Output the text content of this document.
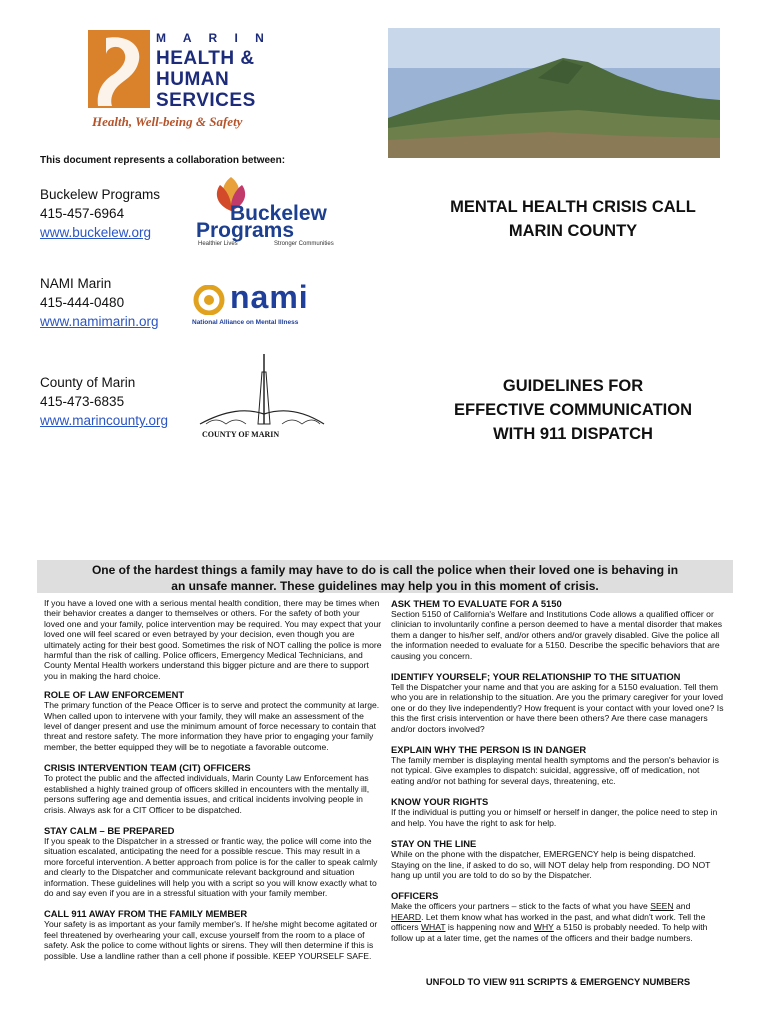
M A R I N
HEALTH &
HUMAN
SERVICES
Health, Well-being & Safety
This document represents a collaboration between:
Buckelew Programs
415-457-6964
www.buckelew.org
Buckelew
Programs
Healthier Lives	Stronger Communities
MENTAL HEALTH CRISIS CALL
MARIN COUNTY
NAMI Marin
415-444-0480
www.namimarin.org
nami
National Alliance on Mental Illness
County of Marin
415-473-6835
www.marincounty.org
COUNTY OF MARIN
GUIDELINES FOR
EFFECTIVE COMMUNICATION
WITH 911 DISPATCH
One of the hardest things a family may have to do is call the police when their loved one is behaving in
an unsafe manner. These guidelines may help you in this moment of crisis.

If you have a loved one with a serious mental health condition, there may be times when their behavior creates a danger to themselves or others. For the safety of both your loved one and your family, police intervention may be required. You may expect that your loved one will feel scared or even betrayed by your decision, even though you are ultimately acting for their best good. Sometimes the risk of NOT calling the police is more harmful than the risk of calling. Police officers, Emergency Medical Technicians, and County Mental Health workers understand this bigger picture and are there to support you in making the hard choice.

ROLE OF LAW ENFORCEMENT

The primary function of the Peace Officer is to serve and protect the community at large. When called upon to intervene with your family, they will make an assessment of the level of danger present and use the minimum amount of force necessary to contain that threat and restore safety. The more information they have prior to engaging your family member, the better equipped they will be to negotiate a favorable outcome.

CRISIS INTERVENTION TEAM (CIT) OFFICERS

To protect the public and the affected individuals, Marin County Law Enforcement has established a highly trained group of officers skilled in encounters with the mentally ill, persons suffering age and dementia issues, and critical incidents involving people in crisis. Always ask for a CIT Officer to be dispatched.

STAY CALM – BE PREPARED

If you speak to the Dispatcher in a stressed or frantic way, the police will come into the situation escalated, anticipating the need for a possible rescue. This may result in a more forceful intervention. A better approach from police is for the caller to speak calmly and clearly to the Dispatcher and communicate relevant background and situation information. These guidelines will help you with a script so you will know exactly what to do and say even if you are in a stressful situation with your family member.

CALL 911 AWAY FROM THE FAMILY MEMBER

Your safety is as important as your family member's. If he/she might become agitated or feel threatened by overhearing your call, excuse yourself from the room to a place of safety. Ask the police to come without lights or sirens. They will then determine if this is possible. Use a landline rather than a cell phone if possible. KEEP YOURSELF SAFE.

ASK THEM TO EVALUATE FOR A 5150

Section 5150 of California's Welfare and Institutions Code allows a qualified officer or clinician to involuntarily confine a person deemed to have a mental disorder that makes them a danger to his/her self, and/or others and/or gravely disabled. Give the police all the information needed to evaluate for a 5150. Describe the specific behaviors that are causing you concern.

IDENTIFY YOURSELF; YOUR RELATIONSHIP TO THE SITUATION

Tell the Dispatcher your name and that you are asking for a 5150 evaluation. Tell them who you are in relationship to the situation. Are you the primary caregiver for your loved one or do they live independently? How frequent is your contact with your loved one? Is this the first crisis intervention or have there been others? Are there case managers and/or doctors involved?

EXPLAIN WHY THE PERSON IS IN DANGER

The family member is displaying mental health symptoms and the person's behavior is not typical. Give examples to dispatch: suicidal, aggressive, off of medication, not eating and/or not bathing for several days, threatening, etc.

KNOW YOUR RIGHTS

If the individual is putting you or himself or herself in danger, the police need to step in and help. You have the right to ask for help.

STAY ON THE LINE

While on the phone with the dispatcher, EMERGENCY help is being dispatched. Staying on the line, if asked to do so, will NOT delay help from responding. DO NOT hang up until you are told to do so by the Dispatcher.

OFFICERS

Make the officers your partners – stick to the facts of what you have SEEN and HEARD. Let them know what has worked in the past, and what didn't work. Tell the officers WHAT is happening now and WHY a 5150 is probably needed. To help with follow up at a later time, get the names of the officers and their badge numbers.

UNFOLD TO VIEW 911 SCRIPTS & EMERGENCY NUMBERS
